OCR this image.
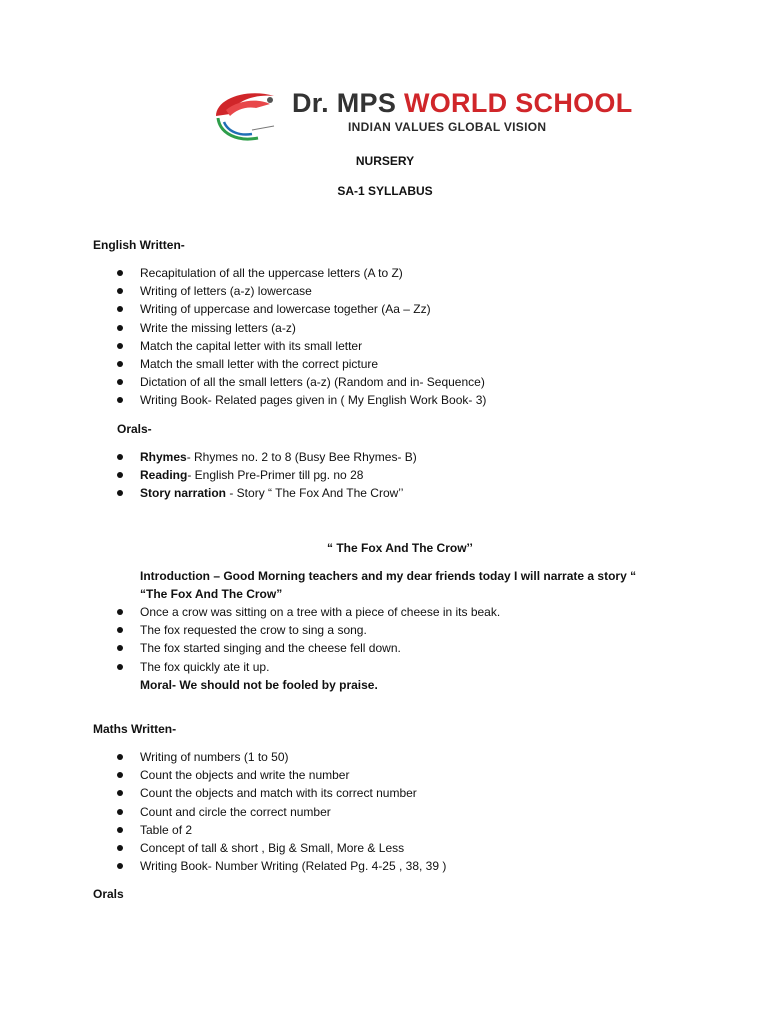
Dr. MPS WORLD SCHOOL
INDIAN VALUES GLOBAL VISION
NURSERY
SA-1 SYLLABUS
English Written-
Recapitulation of all the uppercase letters (A to Z)
Writing of letters (a-z) lowercase
Writing of uppercase and lowercase together (Aa – Zz)
Write the missing letters (a-z)
Match the capital letter with its small letter
Match the small letter with the correct picture
Dictation of all the small letters (a-z) (Random and in- Sequence)
Writing Book- Related pages given in ( My English Work Book- 3)
Orals-
Rhymes- Rhymes no. 2 to 8 (Busy Bee Rhymes- B)
Reading- English Pre-Primer till pg. no 28
Story narration - Story “ The Fox And The Crow’’
“ The Fox And The Crow’’
Introduction – Good Morning teachers and my dear friends today I will narrate a story “
“The Fox And The Crow”
Once a crow was sitting on a tree with a piece of cheese in its beak.
The fox requested the crow to sing a song.
The fox started singing and the cheese fell down.
The fox quickly ate it up.
Moral- We should not be fooled by praise.
Maths Written-
Writing of numbers (1 to 50)
Count the objects and write the number
Count the objects and match with its correct number
Count and circle the correct number
Table of 2
Concept of tall & short , Big & Small, More & Less
Writing Book- Number Writing (Related Pg. 4-25 , 38, 39 )
Orals
